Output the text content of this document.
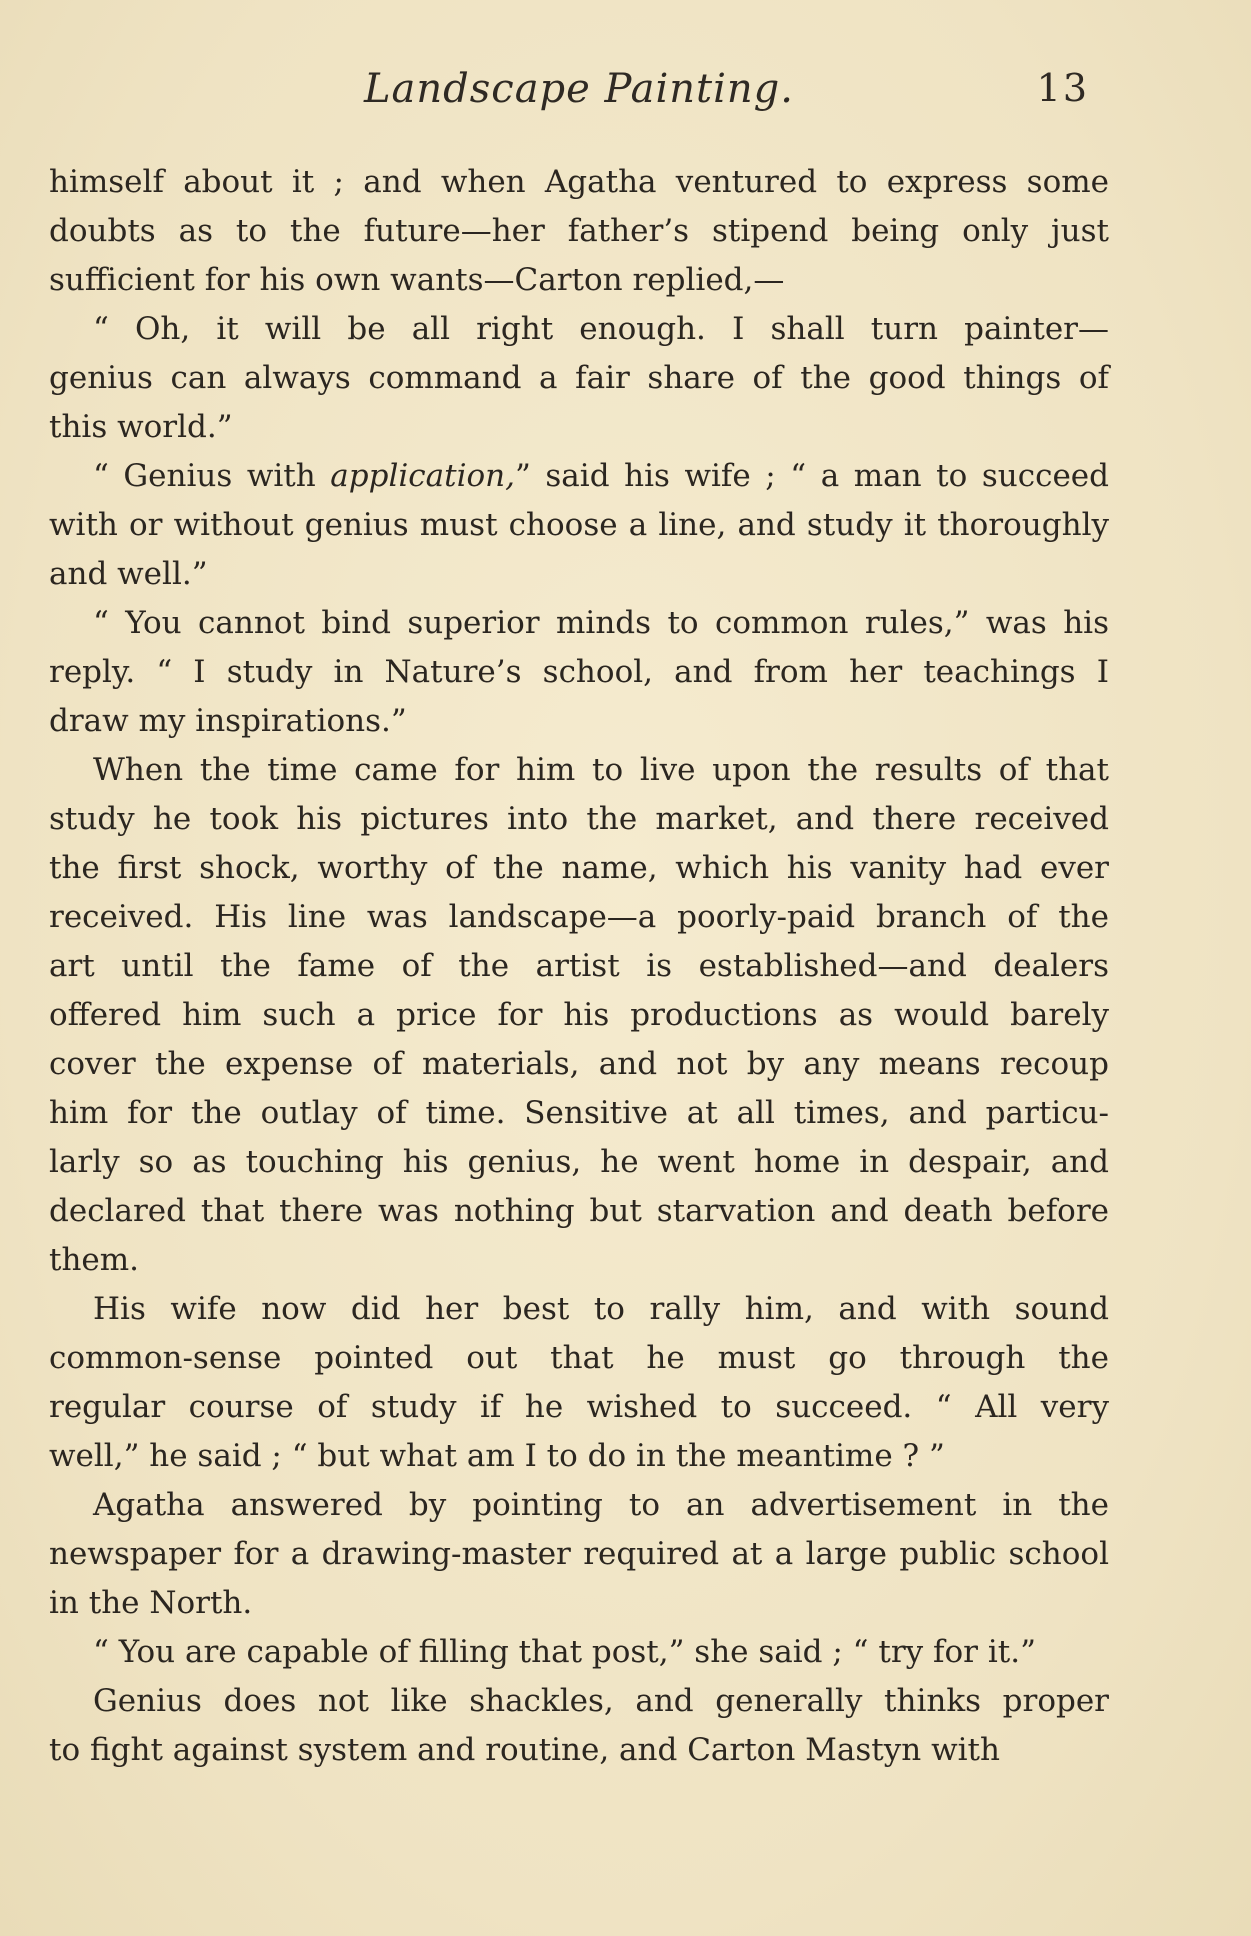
Landscape Painting.	13
himself about it ; and when Agatha ventured to express some
doubts as to the future—her father’s stipend being only just
sufficient for his own wants—Carton replied,—
“ Oh, it will be all right enough. I shall turn painter—
genius can always command a fair share of the good things of
this world.”
“ Genius with application,” said his wife ; “ a man to succeed
with or without genius must choose a line, and study it thoroughly
and well.”
“ You cannot bind superior minds to common rules,” was his
reply. “ I study in Nature’s school, and from her teachings I
draw my inspirations.”
When the time came for him to live upon the results of that
study he took his pictures into the market, and there received
the first shock, worthy of the name, which his vanity had ever
received. His line was landscape—a poorly-paid branch of the
art until the fame of the artist is established—and dealers
offered him such a price for his productions as would barely
cover the expense of materials, and not by any means recoup
him for the outlay of time. Sensitive at all times, and particu-
larly so as touching his genius, he went home in despair, and
declared that there was nothing but starvation and death before
them.
His wife now did her best to rally him, and with sound
common-sense pointed out that he must go through the
regular course of study if he wished to succeed. “ All very
well,” he said ; “ but what am I to do in the meantime ? ”
Agatha answered by pointing to an advertisement in the
newspaper for a drawing-master required at a large public school
in the North.
“ You are capable of filling that post,” she said ; “ try for it.”
Genius does not like shackles, and generally thinks proper
to fight against system and routine, and Carton Mastyn with
